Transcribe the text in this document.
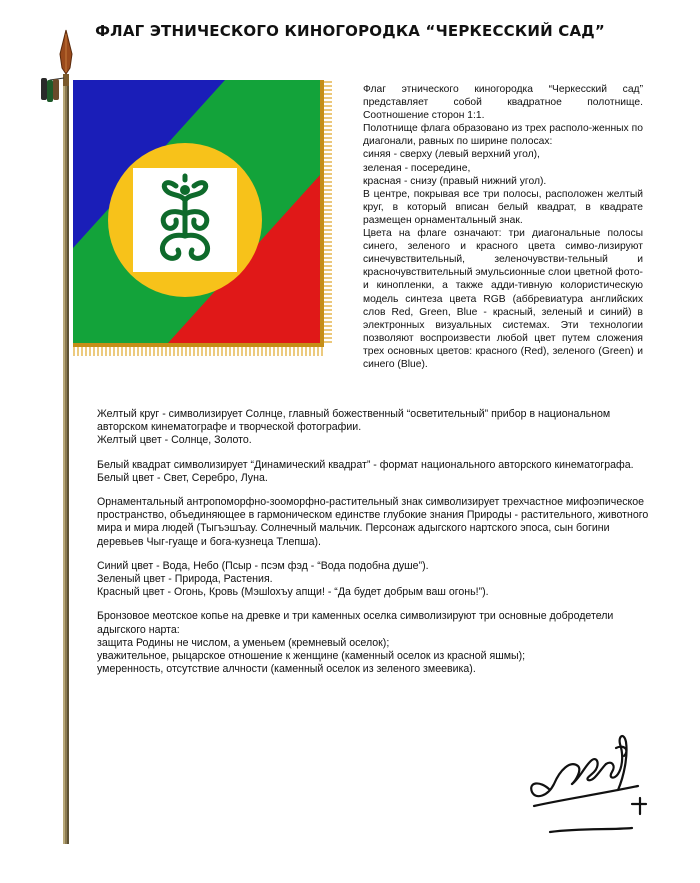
ФЛАГ ЭТНИЧЕСКОГО КИНОГОРОДКА “ЧЕРКЕССКИЙ САД”

Флаг этнического киногородка “Черкесский сад” представляет собой квадратное полотнище. Соотношение сторон 1:1.

Полотнище флага образовано из трех располо-женных по диагонали, равных по ширине полосах:

синяя - сверху (левый верхний угол),

зеленая - посередине,

красная - снизу (правый нижний угол).

В центре, покрывая все три полосы, расположен желтый круг, в который вписан белый квадрат, в квадрате размещен орнаментальный знак.

Цвета на флаге означают: три диагональные полосы синего, зеленого и красного цвета симво-лизируют синечувствительный, зеленочувстви-тельный и красночувствительный эмульсионные слои цветной фото- и кинопленки, а также адди-тивную колористическую модель синтеза цвета RGB (аббревиатура английских слов Red, Green, Blue - красный, зеленый и синий) в электронных визуальных системах. Эти технологии позволяют воспроизвести любой цвет путем сложения трех основных цветов: красного (Red), зеленого (Green) и синего (Blue).

Желтый круг - символизирует Солнце, главный божественный “осветительный” прибор в национальном авторском кинематографе и творческой фотографии.

Желтый цвет - Солнце, Золото.

Белый квадрат символизирует “Динамический квадрат” - формат национального авторского кинематографа.

Белый цвет - Свет, Серебро, Луна.

Орнаментальный антропоморфно-зооморфно-растительный знак символизирует трехчастное мифоэпическое пространство, объединяющее в гармоническом единстве глубокие знания Природы - растительного, животного мира и мира людей (Тыгъэшъау. Солнечный мальчик. Персонаж адыгского нартского эпоса, сын богини деревьев Чыг-гуаще и бога-кузнеца Тлепша).

Синий цвет - Вода, Небо (Псыр - псэм фэд - “Вода подобна душе”).

Зеленый цвет - Природа, Растения.

Красный цвет - Огонь, Кровь (Мэшlохъу апщи! - “Да будет добрым ваш огонь!”).

Бронзовое меотское копье на древке и три каменных оселка символизируют три основные добродетели адыгского нарта:

защита Родины не числом, а уменьем (кремневый оселок);

уважительное, рыцарское отношение к женщине (каменный оселок из красной яшмы);

умеренность, отсутствие алчности (каменный оселок из зеленого змеевика).
